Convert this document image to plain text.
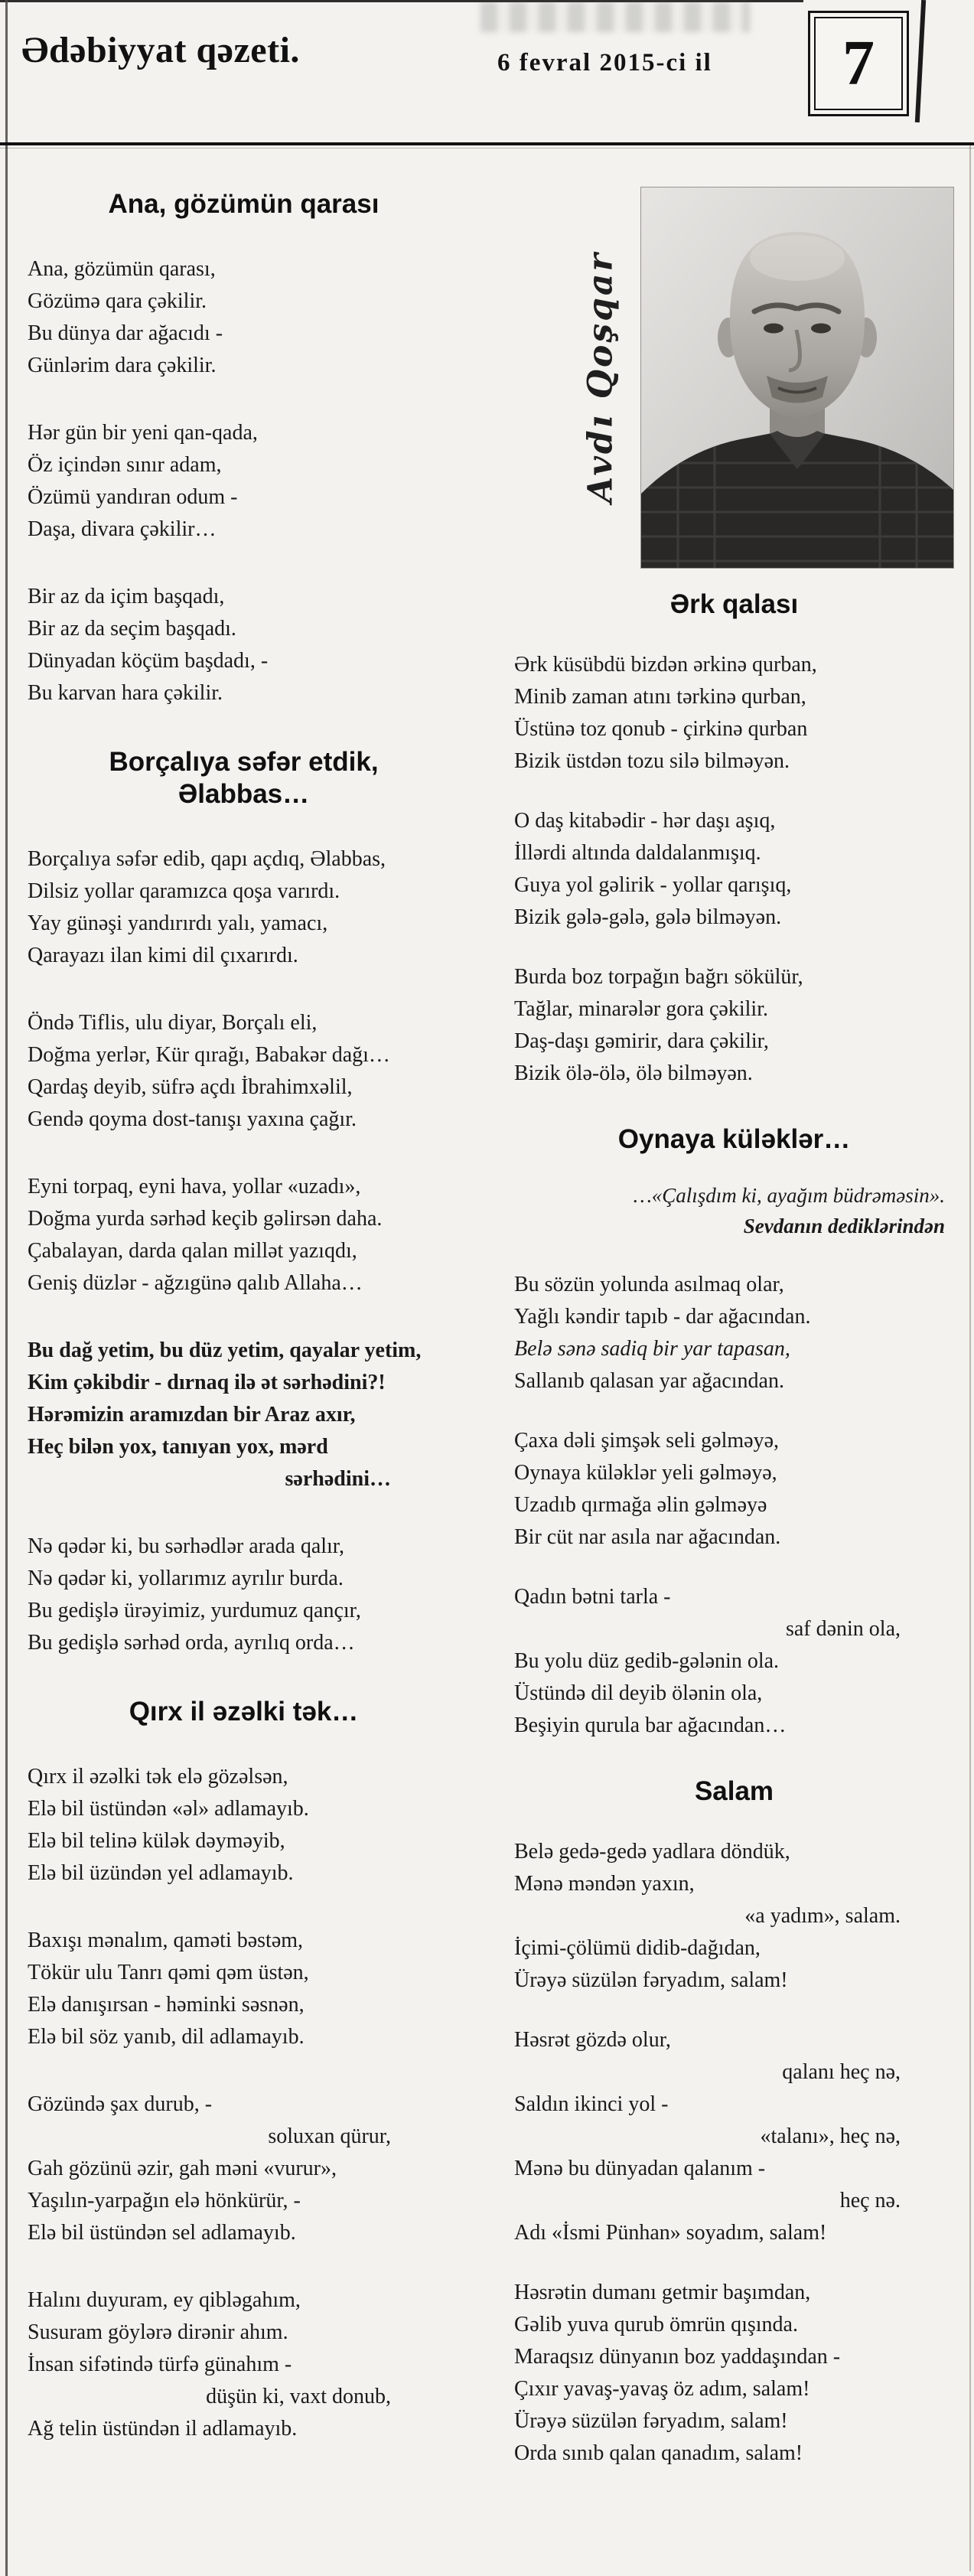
Ədəbiyyat qəzeti.	6 fevral 2015-ci il 7
Ana, gözümün qarası
Ana, gözümün qarası,
Gözümə qara çəkilir.
Bu dünya dar ağacıdı -
Günlərim dara çəkilir.
Hər gün bir yeni qan-qada,
Öz içindən sınır adam,
Özümü yandıran odum -
Daşa, divara çəkilir…
Bir az da içim başqadı,
Bir az da seçim başqadı.
Dünyadan köçüm başdadı, -
Bu karvan hara çəkilir.
Borçalıya səfər etdik, Əlabbas…
Borçalıya səfər edib, qapı açdıq, Əlabbas,
Dilsiz yollar qaramızca qoşa varırdı.
Yay günəşi yandırırdı yalı, yamacı,
Qarayazı ilan kimi dil çıxarırdı.
Öndə Tiflis, ulu diyar, Borçalı eli,
Doğma yerlər, Kür qırağı, Babakər dağı…
Qardaş deyib, süfrə açdı İbrahimxəlil,
Gendə qoyma dost-tanışı yaxına çağır.
Eyni torpaq, eyni hava, yollar «uzadı»,
Doğma yurda sərhəd keçib gəlirsən daha.
Çabalayan, darda qalan millət yazıqdı,
Geniş düzlər - ağzıgünə qalıb Allaha…
Bu dağ yetim, bu düz yetim, qayalar yetim,
Kim çəkibdir - dırnaq ilə ət sərhədini?!
Hərəmizin aramızdan bir Araz axır,
Heç bilən yox, tanıyan yox, mərd
sərhədini…
Nə qədər ki, bu sərhədlər arada qalır,
Nə qədər ki, yollarımız ayrılır burda.
Bu gedişlə ürəyimiz, yurdumuz qançır,
Bu gedişlə sərhəd orda, ayrılıq orda…
Qırx il əzəlki tək…
Qırx il əzəlki tək elə gözəlsən,
Elə bil üstündən «əl» adlamayıb.
Elə bil telinə külək dəyməyib,
Elə bil üzündən yel adlamayıb.
Baxışı mənalım, qaməti bəstəm,
Tökür ulu Tanrı qəmi qəm üstən,
Elə danışırsan - həminki səsnən,
Elə bil söz yanıb, dil adlamayıb.
Gözündə şax durub, -
soluxan qürur,
Gah gözünü əzir, gah məni «vurur»,
Yaşılın-yarpağın elə hönkürür, -
Elə bil üstündən sel adlamayıb.
Halını duyuram, ey qibləgahım,
Susuram göylərə dirənir ahım.
İnsan sifətində türfə günahım -
düşün ki, vaxt donub,
Ağ telin üstündən il adlamayıb.
Avdı Qoşqar
Ərk qalası
Ərk küsübdü bizdən ərkinə qurban,
Minib zaman atını tərkinə qurban,
Üstünə toz qonub - çirkinə qurban
Bizik üstdən tozu silə bilməyən.
O daş kitabədir - hər daşı aşıq,
İllərdi altında daldalanmışıq.
Guya yol gəlirik - yollar qarışıq,
Bizik gələ-gələ, gələ bilməyən.
Burda boz torpağın bağrı sökülür,
Tağlar, minarələr gora çəkilir.
Daş-daşı gəmirir, dara çəkilir,
Bizik ölə-ölə, ölə bilməyən.
Oynaya küləklər…
…«Çalışdım ki, ayağım büdrəməsin».
Sevdanın dediklərindən
Bu sözün yolunda asılmaq olar,
Yağlı kəndir tapıb - dar ağacından.
Belə sənə sadiq bir yar tapasan,
Sallanıb qalasan yar ağacından.
Çaxa dəli şimşək seli gəlməyə,
Oynaya küləklər yeli gəlməyə,
Uzadıb qırmağa əlin gəlməyə
Bir cüt nar asıla nar ağacından.
Qadın bətni tarla -
saf dənin ola,
Bu yolu düz gedib-gələnin ola.
Üstündə dil deyib ölənin ola,
Beşiyin qurula bar ağacından…
Salam
Belə gedə-gedə yadlara döndük,
Mənə məndən yaxın,
«a yadım», salam.
İçimi-çölümü didib-dağıdan,
Ürəyə süzülən fəryadım, salam!
Həsrət gözdə olur,
qalanı heç nə,
Saldın ikinci yol -
«talanı», heç nə,
Mənə bu dünyadan qalanım -
heç nə.
Adı «İsmi Pünhan» soyadım, salam!
Həsrətin dumanı getmir başımdan,
Gəlib yuva qurub ömrün qışında.
Maraqsız dünyanın boz yaddaşından -
Çıxır yavaş-yavaş öz adım, salam!
Ürəyə süzülən fəryadım, salam!
Orda sınıb qalan qanadım, salam!
